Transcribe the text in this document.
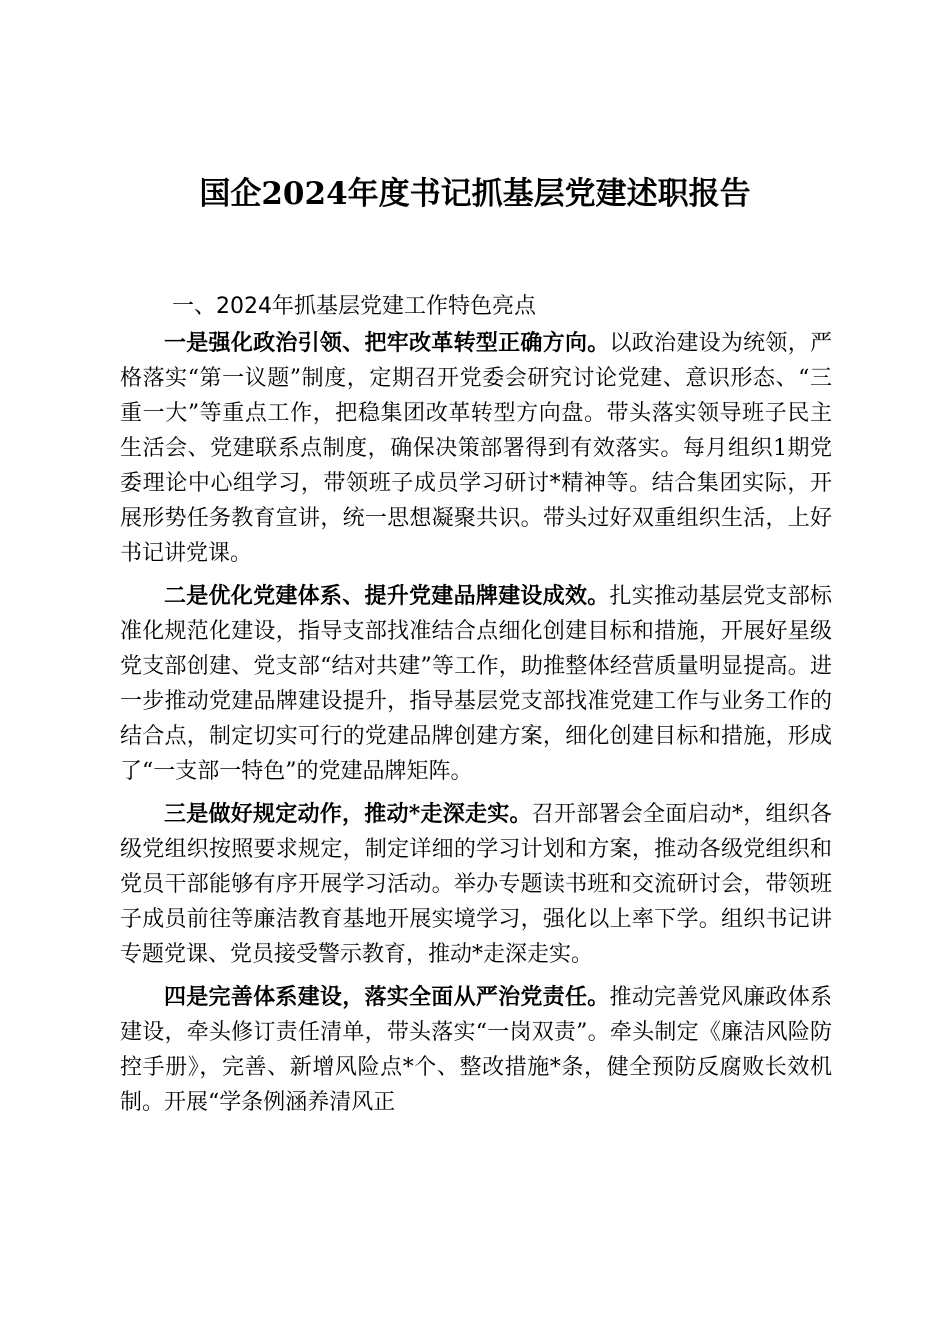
国企2024年度书记抓基层党建述职报告
一、2024年抓基层党建工作特色亮点

一是强化政治引领、把牢改革转型正确方向。以政治建设为统领，严格落实“第一议题”制度，定期召开党委会研究讨论党建、意识形态、“三重一大”等重点工作，把稳集团改革转型方向盘。带头落实领导班子民主生活会、党建联系点制度，确保决策部署得到有效落实。每月组织1期党委理论中心组学习，带领班子成员学习研讨*精神等。结合集团实际，开展形势任务教育宣讲，统一思想凝聚共识。带头过好双重组织生活，上好书记讲党课。

二是优化党建体系、提升党建品牌建设成效。扎实推动基层党支部标准化规范化建设，指导支部找准结合点细化创建目标和措施，开展好星级党支部创建、党支部“结对共建”等工作，助推整体经营质量明显提高。进一步推动党建品牌建设提升，指导基层党支部找准党建工作与业务工作的结合点，制定切实可行的党建品牌创建方案，细化创建目标和措施，形成了“一支部一特色”的党建品牌矩阵。

三是做好规定动作，推动*走深走实。召开部署会全面启动*，组织各级党组织按照要求规定，制定详细的学习计划和方案，推动各级党组织和党员干部能够有序开展学习活动。举办专题读书班和交流研讨会，带领班子成员前往等廉洁教育基地开展实境学习，强化以上率下学。组织书记讲专题党课、党员接受警示教育，推动*走深走实。

四是完善体系建设，落实全面从严治党责任。推动完善党风廉政体系建设，牵头修订责任清单，带头落实“一岗双责”。牵头制定《廉洁风险防控手册》，完善、新增风险点*个、整改措施*条，健全预防反腐败长效机制。开展“学条例涵养清风正
